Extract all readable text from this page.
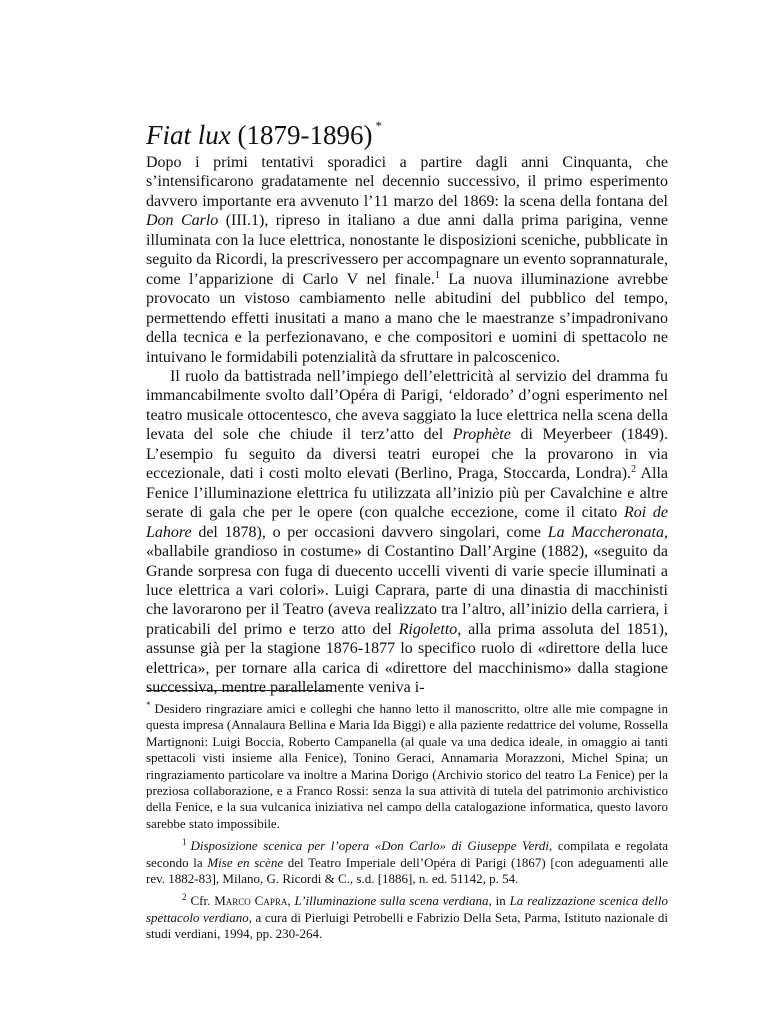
Fiat lux (1879-1896) *

Dopo i primi tentativi sporadici a partire dagli anni Cinquanta, che s’intensificarono gradatamente nel decennio successivo, il primo esperimento davvero importante era avvenuto l’11 marzo del 1869: la scena della fontana del Don Carlo (III.1), ripreso in italiano a due anni dalla prima parigina, venne illuminata con la luce elettrica, nonostante le disposizioni sceniche, pubblicate in seguito da Ricordi, la prescrivessero per accompagnare un evento soprannaturale, come l’apparizione di Carlo V nel finale.$^1$ La nuova illuminazione avrebbe provocato un vistoso cambiamento nelle abitudini del pubblico del tempo, permettendo effetti inusitati a mano a mano che le maestranze s’impadronivano della tecnica e la perfezionavano, e che compositori e uomini di spettacolo ne intuivano le formidabili potenzialità da sfruttare in palcoscenico.

Il ruolo da battistrada nell’impiego dell’elettricità al servizio del dramma fu immancabilmente svolto dall’Opéra di Parigi, ‘eldorado’ d’ogni esperimento nel teatro musicale ottocentesco, che aveva saggiato la luce elettrica nella scena della levata del sole che chiude il terz’atto del Prophète di Meyerbeer (1849). L’esempio fu seguito da diversi teatri europei che la provarono in via eccezionale, dati i costi molto elevati (Berlino, Praga, Stoccarda, Londra).$^2$ Alla Fenice l’illuminazione elettrica fu utilizzata all’inizio più per Cavalchine e altre serate di gala che per le opere (con qualche eccezione, come il citato Roi de Lahore del 1878), o per occasioni davvero singolari, come La Maccheronata, «ballabile grandioso in costume» di Costantino Dall’Argine (1882), «seguito da Grande sorpresa con fuga di duecento uccelli viventi di varie specie illuminati a luce elettrica a vari colori». Luigi Caprara, parte di una dinastia di macchinisti che lavorarono per il Teatro (aveva realizzato tra l’altro, all’inizio della carriera, i praticabili del primo e terzo atto del Rigoletto, alla prima assoluta del 1851), assunse già per la stagione 1876-1877 lo specifico ruolo di «direttore della luce elettrica», per tornare alla carica di «direttore del macchinismo» dalla stagione successiva, mentre parallelamente veniva i-

* Desidero ringraziare amici e colleghi che hanno letto il manoscritto, oltre alle mie compagne in questa impresa (Annalaura Bellina e Maria Ida Biggi) e alla paziente redattrice del volume, Rossella Martignoni: Luigi Boccia, Roberto Campanella (al quale va una dedica ideale, in omaggio ai tanti spettacoli visti insieme alla Fenice), Tonino Geraci, Annamaria Morazzoni, Michel Spina; un ringraziamento particolare va inoltre a Marina Dorigo (Archivio storico del teatro La Fenice) per la preziosa collaborazione, e a Franco Rossi: senza la sua attività di tutela del patrimonio archivistico della Fenice, e la sua vulcanica iniziativa nel campo della catalogazione informatica, questo lavoro sarebbe stato impossibile.

$^1$ Disposizione scenica per l’opera «Don Carlo» di Giuseppe Verdi, compilata e regolata secondo la Mise en scène del Teatro Imperiale dell’Opéra di Parigi (1867) [con adeguamenti alle rev. 1882-83], Milano, G. Ricordi & C., s.d. [1886], n. ed. 51142, p. 54.

$^2$ Cfr. Marco Capra, L’illuminazione sulla scena verdiana, in La realizzazione scenica dello spettacolo verdiano, a cura di Pierluigi Petrobelli e Fabrizio Della Seta, Parma, Istituto nazionale di studi verdiani, 1994, pp. 230-264.
